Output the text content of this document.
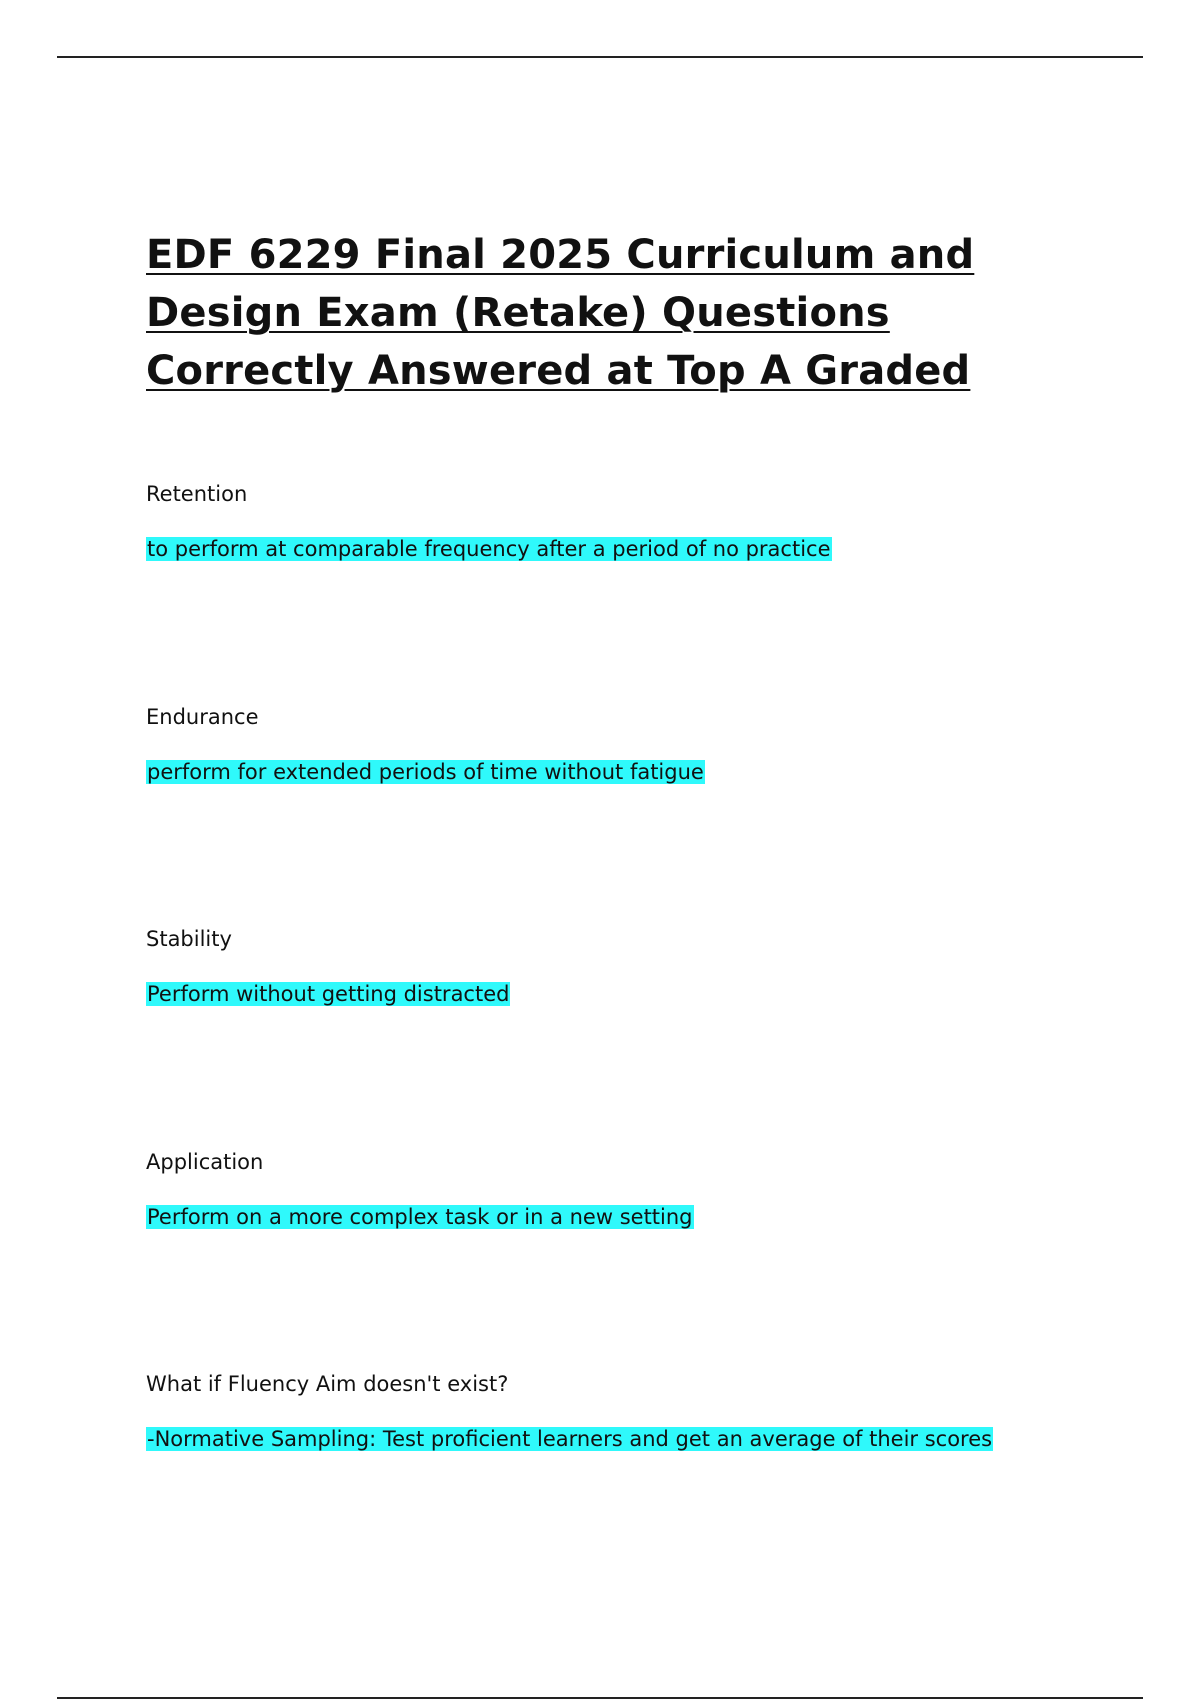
EDF 6229 Final 2025 Curriculum and Design Exam (Retake) Questions Correctly Answered at Top A Graded

Retention

to perform at comparable frequency after a period of no practice

Endurance

perform for extended periods of time without fatigue

Stability

Perform without getting distracted

Application

Perform on a more complex task or in a new setting

What if Fluency Aim doesn't exist?

-Normative Sampling: Test proficient learners and get an average of their scores
